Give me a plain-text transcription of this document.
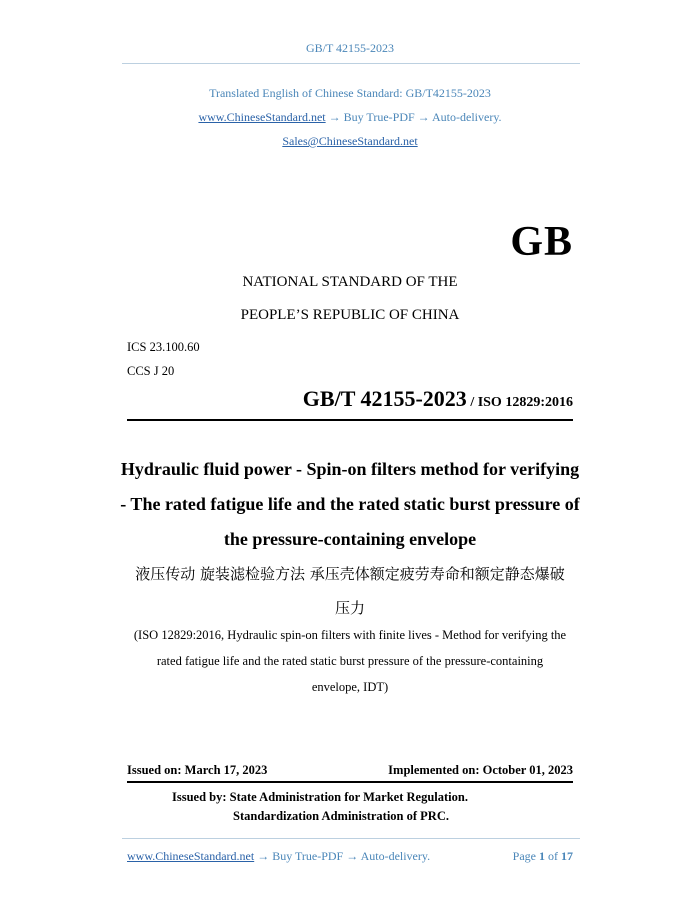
GB/T 42155-2023
Translated English of Chinese Standard: GB/T42155-2023
www.ChineseStandard.net → Buy True-PDF → Auto-delivery.
Sales@ChineseStandard.net
GB
NATIONAL STANDARD OF THE
PEOPLE’S REPUBLIC OF CHINA
ICS 23.100.60
CCS J 20
GB/T 42155-2023 / ISO 12829:2016
Hydraulic fluid power - Spin-on filters method for verifying
- The rated fatigue life and the rated static burst pressure of
the pressure-containing envelope
液压传动 旋装滤检验方法 承压壳体额定疲劳寿命和额定静态爆破
压力
(ISO 12829:2016, Hydraulic spin-on filters with finite lives - Method for verifying the
rated fatigue life and the rated static burst pressure of the pressure-containing
envelope, IDT)
Issued on: March 17, 2023	Implemented on: October 01, 2023
Issued by: State Administration for Market Regulation.
Standardization Administration of PRC.
www.ChineseStandard.net → Buy True-PDF → Auto-delivery.	Page 1 of 17
